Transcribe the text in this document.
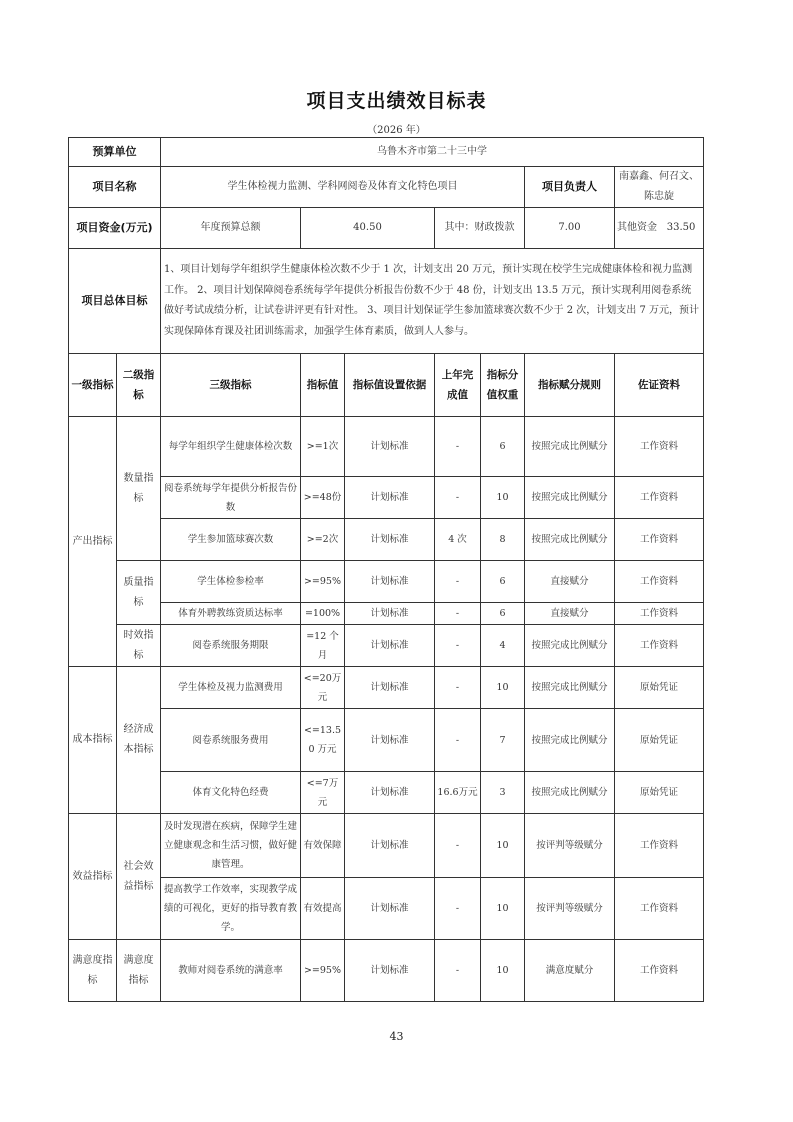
项目支出绩效目标表
（2026 年）
预算单位		乌鲁木齐市第二十三中学						
项目名称		学生体检视力监测、学科网阅卷及体育文化特色项目					项目负责人	南嘉鑫、何召文、陈忠旋
项目资金(万元)		年度预算总额	40.50		其中：财政拨款		7.00	其他资金 33.50

项目总体目标		1、项目计划每学年组织学生健康体检次数不少于 1 次，计划支出 20 万元，预计实现在校学生完成健康体检和视力监测工作。 2、项目计划保障阅卷系统每学年提供分析报告份数不少于 48 份，计划支出 13.5 万元，预计实现利用阅卷系统做好考试成绩分析，让试卷讲评更有针对性。 3、项目计划保证学生参加篮球赛次数不少于 2 次，计划支出 7 万元，预计实现保障体育课及社团训练需求，加强学生体育素质，做到人人参与。						
一级指标	二级指标	三级指标	指标值	指标值设置依据	上年完成值	指标分值权重	指标赋分规则	佐证资料
产出指标	数量指标	每学年组织学生健康体检次数	>=1次	计划标准	-	6	按照完成比例赋分	工作资料
		阅卷系统每学年提供分析报告份数	>=48份	计划标准	-	10	按照完成比例赋分	工作资料
		学生参加篮球赛次数	>=2次	计划标准	4 次	8	按照完成比例赋分	工作资料
	质量指标	学生体检参检率	>=95%	计划标准	-	6	直接赋分	工作资料
		体育外聘教练资质达标率	=100%	计划标准	-	6	直接赋分	工作资料
	时效指标	阅卷系统服务期限	=12 个月	计划标准	-	4	按照完成比例赋分	工作资料
成本指标	经济成本指标	学生体检及视力监测费用	<=20万元	计划标准	-	10	按照完成比例赋分	原始凭证
		阅卷系统服务费用	<=13.50 万元	计划标准	-	7	按照完成比例赋分	原始凭证
		体育文化特色经费	<=7万元	计划标准	16.6万元	3	按照完成比例赋分	原始凭证
效益指标	社会效益指标	及时发现潜在疾病，保障学生建立健康观念和生活习惯，做好健康管理。	有效保障	计划标准	-	10	按评判等级赋分	工作资料
		提高教学工作效率，实现教学成绩的可视化，更好的指导教育教学。	有效提高	计划标准	-	10	按评判等级赋分	工作资料
满意度指标	满意度指标	教师对阅卷系统的满意率	>=95%	计划标准	-	10	满意度赋分	工作资料
43
